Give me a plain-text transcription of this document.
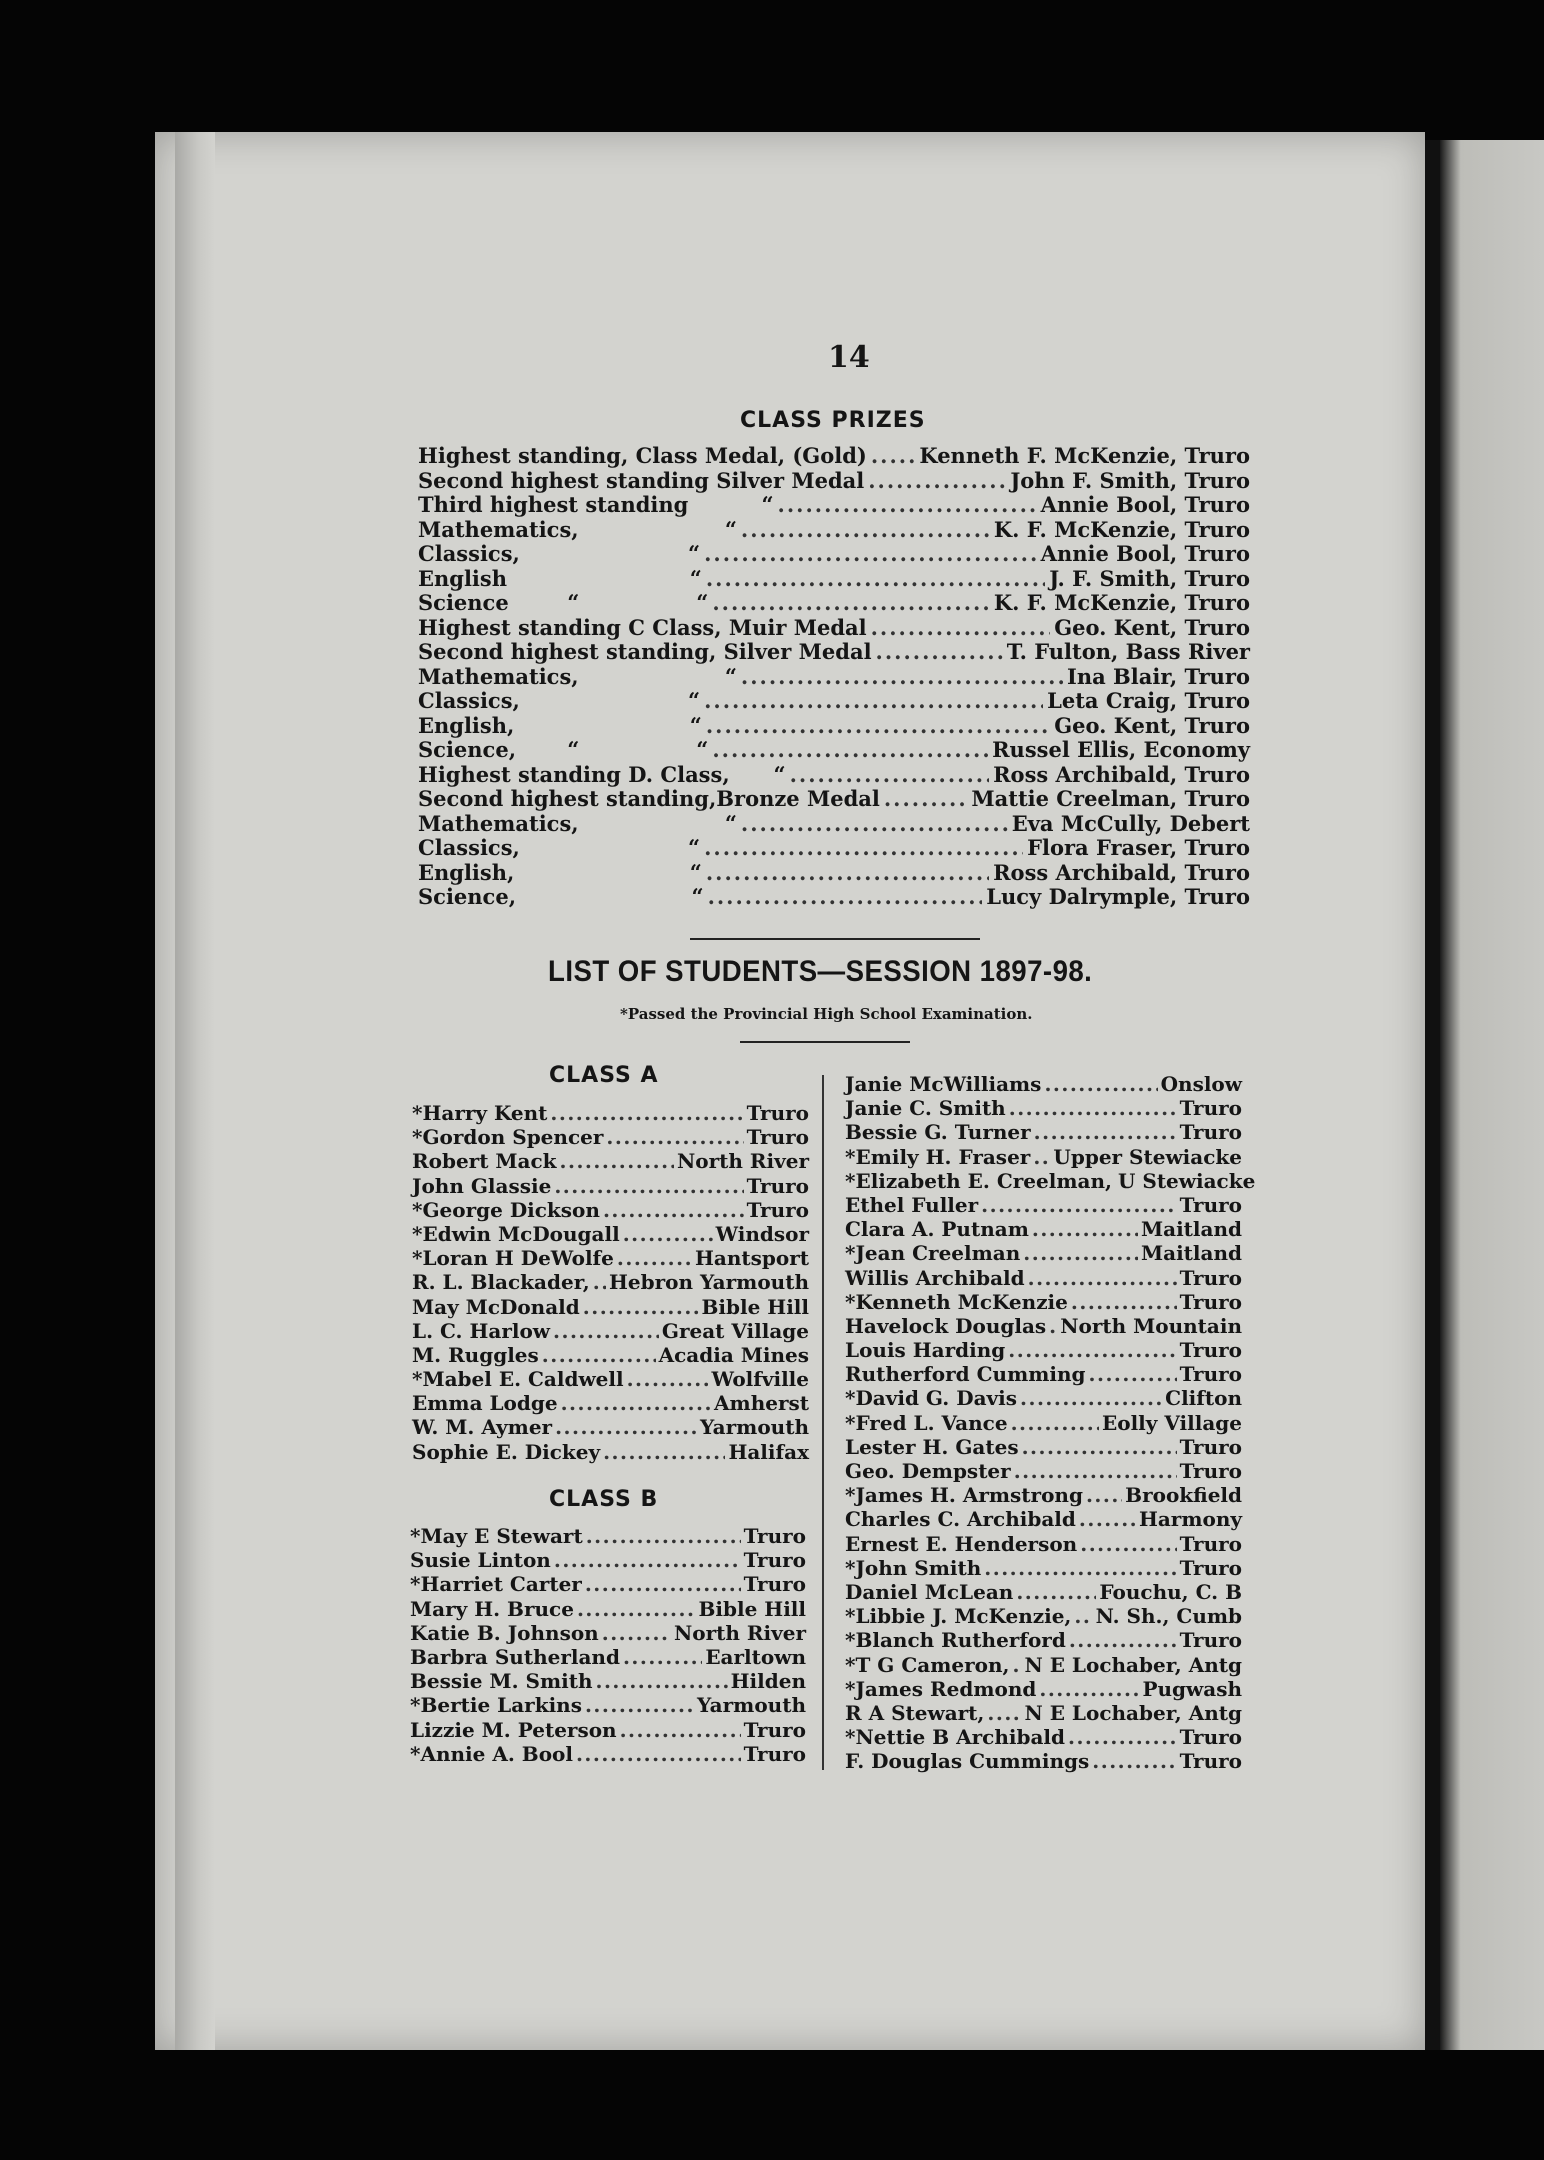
14
CLASS PRIZES
Highest standing, Class Medal, (Gold) .....	Kenneth F. McKenzie, Truro
Second highest standing Silver Medal .....	John F. Smith, Truro
Third highest standing          “ .....	Annie Bool, Truro
Mathematics,                    “ .....	K. F. McKenzie, Truro
Classics,                       “ .....	Annie Bool, Truro
English                         “ .....	J. F. Smith, Truro
Science        “                “ .....	K. F. McKenzie, Truro
Highest standing C Class, Muir Medal .....	Geo. Kent, Truro
Second highest standing, Silver Medal .....	T. Fulton, Bass River
Mathematics,                    “ .....	Ina Blair, Truro
Classics,                       “ .....	Leta Craig, Truro
English,                        “ .....	Geo. Kent, Truro
Science,       “                “ .....	Russel Ellis, Economy
Highest standing D. Class,      “ .....	Ross Archibald, Truro
Second highest standing,Bronze Medal .....	Mattie Creelman, Truro
Mathematics,                    “ .....	Eva McCully, Debert
Classics,                       “ .....	Flora Fraser, Truro
English,                        “ .....	Ross Archibald, Truro
Science,                        “ .....	Lucy Dalrymple, Truro
LIST OF STUDENTS—SESSION 1897-98.
*Passed the Provincial High School Examination.
CLASS A
*Harry Kent .....	Truro
*Gordon Spencer .....	Truro
Robert Mack .....	North River
John Glassie .....	Truro
*George Dickson .....	Truro
*Edwin McDougall .....	Windsor
*Loran H DeWolfe .....	Hantsport
R. L. Blackader, ..... Hebron Yarmouth
May McDonald .....	Bible Hill
L. C. Harlow .....	Great Village
M. Ruggles .....	Acadia Mines
*Mabel E. Caldwell .....	Wolfville
Emma Lodge .....	Amherst
W. M. Aymer .....	Yarmouth
Sophie E. Dickey .....	Halifax
CLASS B
*May E Stewart .....	Truro
Susie Linton .....	Truro
*Harriet Carter .....	Truro
Mary H. Bruce .....	Bible Hill
Katie B. Johnson .....	North River
Barbra Sutherland .....	Earltown
Bessie M. Smith .....	Hilden
*Bertie Larkins .....	Yarmouth
Lizzie M. Peterson .....	Truro
*Annie A. Bool .....	Truro
Janie McWilliams .....	Onslow
Janie C. Smith .....	Truro
Bessie G. Turner .....	Truro
*Emily H. Fraser ..... Upper Stewiacke
*Elizabeth E. Creelman, U Stewiacke
Ethel Fuller .....	Truro
Clara A. Putnam .....	Maitland
*Jean Creelman .....	Maitland
Willis Archibald .....	Truro
*Kenneth McKenzie .....	Truro
Havelock Douglas ..... North Mountain
Louis Harding .....	Truro
Rutherford Cumming .....	Truro
*David G. Davis .....	Clifton
*Fred L. Vance .....	Eolly Village
Lester H. Gates .....	Truro
Geo. Dempster .....	Truro
*James H. Armstrong ..... Brookfield
Charles C. Archibald .....	Harmony
Ernest E. Henderson .....	Truro
*John Smith .....	Truro
Daniel McLean .....	Fouchu, C. B
*Libbie J. McKenzie, ..... N. Sh., Cumb
*Blanch Rutherford .....	Truro
*T G Cameron, ..... N E Lochaber, Antg
*James Redmond .....	Pugwash
R A Stewart, ..... N E Lochaber, Antg
*Nettie B Archibald .....	Truro
F. Douglas Cummings .....	Truro
